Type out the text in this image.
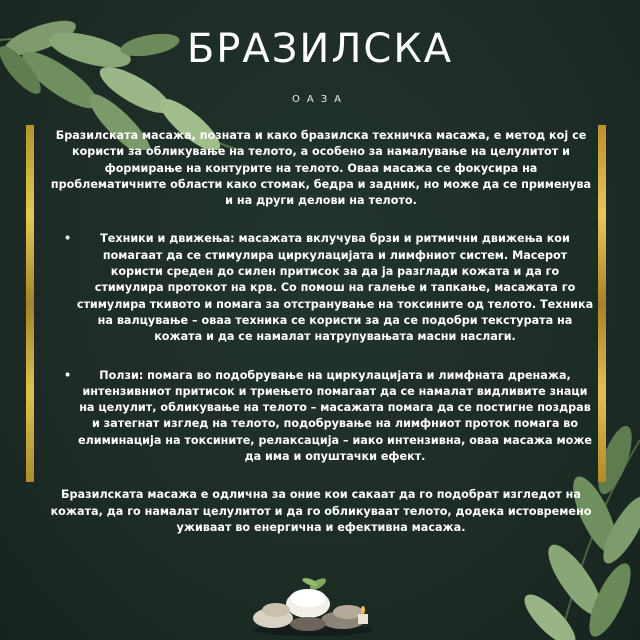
БРАЗИЛСКА
ОАЗА

Бразилската масажа, позната и како бразилска техничка масажа, е метод кој се користи за обликување на телото, а особено за намалување на целулитот и формирање на контурите на телото. Оваа масажа се фокусира на проблематичните области како стомак, бедра и задник, но може да се применува и на други делови на телото.

•	Техники и движења: масажата вклучува брзи и ритмични движења кои помагаат да се стимулира циркулацијата и лимфниот систем. Масерот користи среден до силен притисок за да ја разглади кожата и да го стимулира протокот на крв. Со помош на галење и тапкање, масажата го стимулира ткивото и помага за отстранување на токсините од телото. Техника на валцување – оваа техника се користи за да се подобри текстурата на кожата и да се намалат натрупувањата масни наслаги.
•	Ползи: помага во подобрување на циркулацијата и лимфната дренажа, интензивниот притисок и триењето помагаат да се намалат видливите знаци на целулит, обликување на телото – масажата помага да се постигне поздрав и затегнат изглед на телото, подобрување на лимфниот проток помага во елиминација на токсините, релаксација – иако интензивна, оваа масажа може да има и опуштачки ефект.

Бразилската масажа е одлична за оние кои сакаат да го подобрат изгледот на кожата, да го намалат целулитот и да го обликуваат телото, додека истовремено уживаат во енергична и ефективна масажа.
